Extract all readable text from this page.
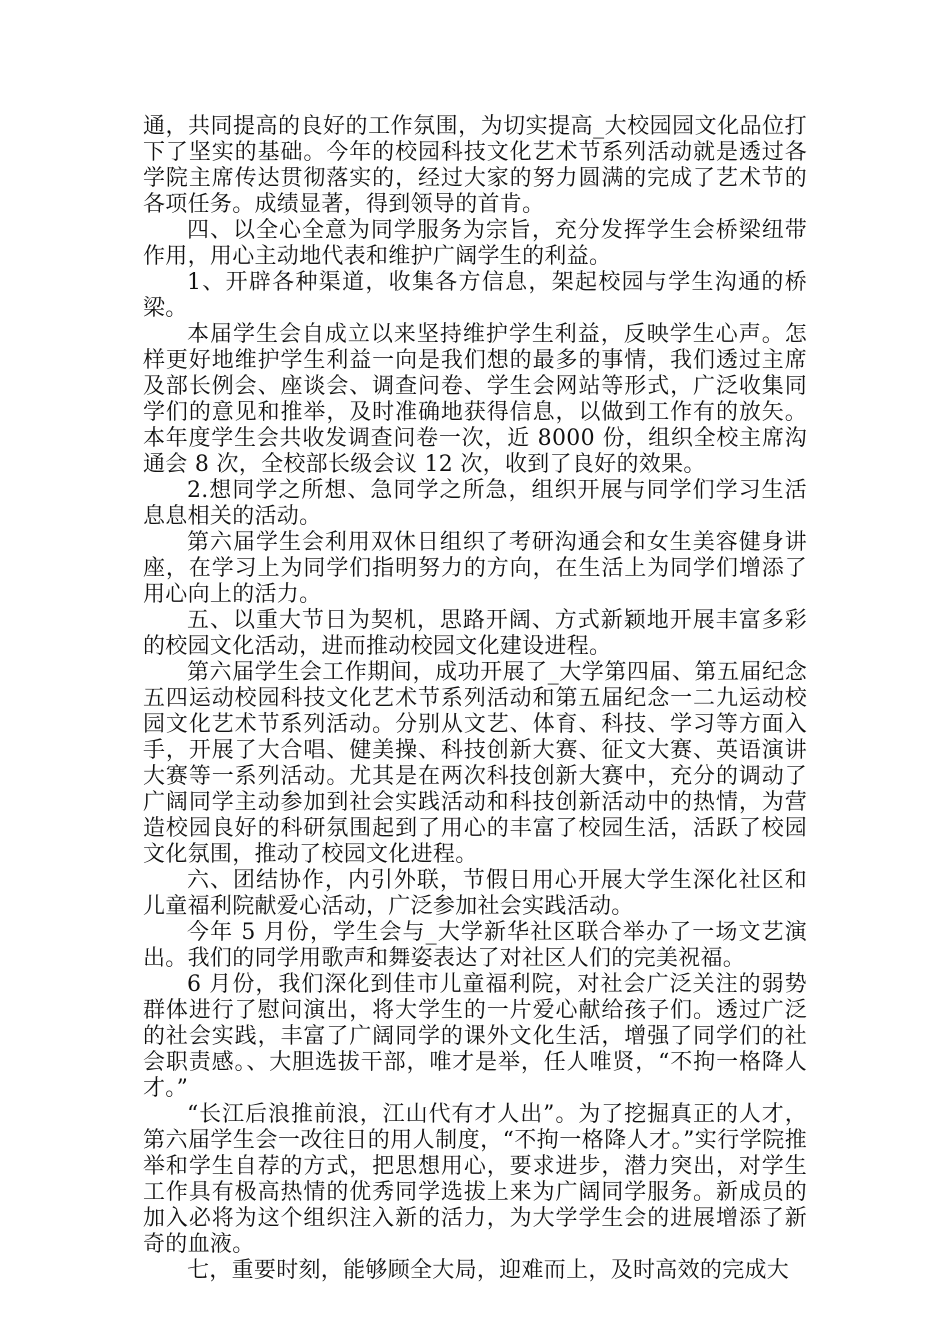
通，共同提高的良好的工作氛围，为切实提高_大校园园文化品位打下了坚实的基础。今年的校园科技文化艺术节系列活动就是透过各学院主席传达贯彻落实的，经过大家的努力圆满的完成了艺术节的各项任务。成绩显著，得到领导的首肯。

四、以全心全意为同学服务为宗旨，充分发挥学生会桥梁纽带作用，用心主动地代表和维护广阔学生的利益。

1、开辟各种渠道，收集各方信息，架起校园与学生沟通的桥梁。

本届学生会自成立以来坚持维护学生利益，反映学生心声。怎样更好地维护学生利益一向是我们想的最多的事情，我们透过主席及部长例会、座谈会、调查问卷、学生会网站等形式，广泛收集同学们的意见和推举，及时准确地获得信息，以做到工作有的放矢。本年度学生会共收发调查问卷一次，近 8000 份，组织全校主席沟通会 8 次，全校部长级会议 12 次，收到了良好的效果。

2.想同学之所想、急同学之所急，组织开展与同学们学习生活息息相关的活动。

第六届学生会利用双休日组织了考研沟通会和女生美容健身讲座，在学习上为同学们指明努力的方向，在生活上为同学们增添了用心向上的活力。

五、以重大节日为契机，思路开阔、方式新颖地开展丰富多彩的校园文化活动，进而推动校园文化建设进程。

第六届学生会工作期间，成功开展了_大学第四届、第五届纪念五四运动校园科技文化艺术节系列活动和第五届纪念一二九运动校园文化艺术节系列活动。分别从文艺、体育、科技、学习等方面入手，开展了大合唱、健美操、科技创新大赛、征文大赛、英语演讲大赛等一系列活动。尤其是在两次科技创新大赛中，充分的调动了广阔同学主动参加到社会实践活动和科技创新活动中的热情，为营造校园良好的科研氛围起到了用心的丰富了校园生活，活跃了校园文化氛围，推动了校园文化进程。

六、团结协作，内引外联，节假日用心开展大学生深化社区和儿童福利院献爱心活动，广泛参加社会实践活动。

今年 5 月份，学生会与_大学新华社区联合举办了一场文艺演出。我们的同学用歌声和舞姿表达了对社区人们的完美祝福。

6 月份，我们深化到佳市儿童福利院，对社会广泛关注的弱势群体进行了慰问演出，将大学生的一片爱心献给孩子们。透过广泛的社会实践，丰富了广阔同学的课外文化生活，增强了同学们的社会职责感。、大胆选拔干部，唯才是举，任人唯贤，“不拘一格降人才。”

“长江后浪推前浪，江山代有才人出”。为了挖掘真正的人才，第六届学生会一改往日的用人制度，“不拘一格降人才。”实行学院推举和学生自荐的方式，把思想用心，要求进步，潜力突出，对学生工作具有极高热情的优秀同学选拔上来为广阔同学服务。新成员的加入必将为这个组织注入新的活力，为大学学生会的进展增添了新奇的血液。

七，重要时刻，能够顾全大局，迎难而上，及时高效的完成大
